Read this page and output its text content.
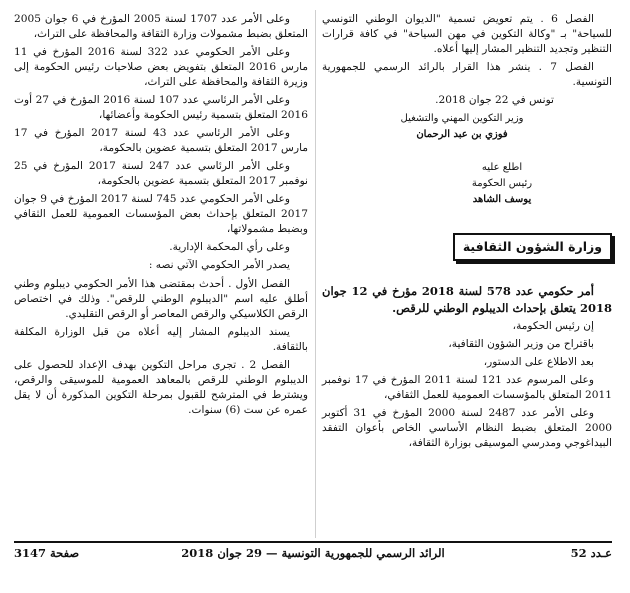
الفصل 6 . يتم تعويض تسمية "الديوان الوطني التونسي للسياحة" بـ "وكالة التكوين في مهن السياحة" في كافة قرارات التنظير وتجديد التنظير المشار إليها أعلاه.

الفصل 7 . ينشر هذا القرار بالرائد الرسمي للجمهورية التونسية.

تونس في 22 جوان 2018.

وزير التكوين المهني والتشغيل
فوزي بن عبد الرحمان
اطلع عليه
رئيس الحكومة
يوسف الشاهد
وزارة الشؤون الثقافية

أمر حكومي عدد 578 لسنة 2018 مؤرخ في 12 جوان 2018 يتعلق بإحداث الديبلوم الوطني للرقص.

إن رئيس الحكومة،

باقتراح من وزير الشؤون الثقافية،

بعد الاطلاع على الدستور،

وعلى المرسوم عدد 121 لسنة 2011 المؤرخ في 17 نوفمبر 2011 المتعلق بالمؤسسات العمومية للعمل الثقافي،

وعلى الأمر عدد 2487 لسنة 2000 المؤرخ في 31 أكتوبر 2000 المتعلق بضبط النظام الأساسي الخاص بأعوان التفقد البيداغوجي ومدرسي الموسيقى بوزارة الثقافة،

وعلى الأمر عدد 1707 لسنة 2005 المؤرخ في 6 جوان 2005 المتعلق بضبط مشمولات وزارة الثقافة والمحافظة على التراث،

وعلى الأمر الحكومي عدد 322 لسنة 2016 المؤرخ في 11 مارس 2016 المتعلق بتفويض بعض صلاحيات رئيس الحكومة إلى وزيرة الثقافة والمحافظة على التراث،

وعلى الأمر الرئاسي عدد 107 لسنة 2016 المؤرخ في 27 أوت 2016 المتعلق بتسمية رئيس الحكومة وأعضائها،

وعلى الأمر الرئاسي عدد 43 لسنة 2017 المؤرخ في 17 مارس 2017 المتعلق بتسمية عضوين بالحكومة،

وعلى الأمر الرئاسي عدد 247 لسنة 2017 المؤرخ في 25 نوفمبر 2017 المتعلق بتسمية عضوين بالحكومة،

وعلى الأمر الحكومي عدد 745 لسنة 2017 المؤرخ في 9 جوان 2017 المتعلق بإحداث بعض المؤسسات العمومية للعمل الثقافي وبضبط مشمولاتها،

وعلى رأي المحكمة الإدارية.

يصدر الأمر الحكومي الآتي نصه :

الفصل الأول . أحدث بمقتضى هذا الأمر الحكومي ديبلوم وطني أطلق عليه اسم "الديبلوم الوطني للرقص". وذلك في اختصاص الرقص الكلاسيكي والرقص المعاصر أو الرقص التقليدي.

يسند الديبلوم المشار إليه أعلاه من قبل الوزارة المكلفة بالثقافة.

الفصل 2 . تجرى مراحل التكوين بهدف الإعداد للحصول على الديبلوم الوطني للرقص بالمعاهد العمومية للموسيقى والرقص، ويشترط في المترشح للقبول بمرحلة التكوين المذكورة أن لا يقل عمره عن ست (6) سنوات.

عـدد 52
الرائد الرسمي للجمهورية التونسية — 29 جوان 2018
صفحة 3147
